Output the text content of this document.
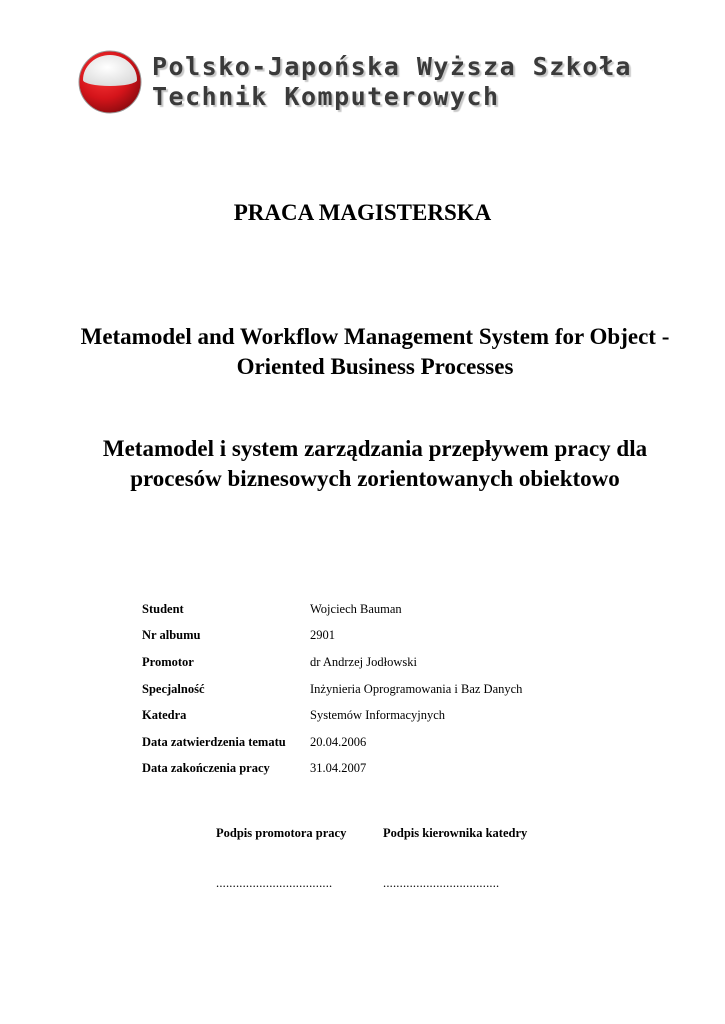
Polsko-Japońska Wyższa Szkoła
Technik Komputerowych
PRACA MAGISTERSKA
Metamodel and Workflow Management System for Object - Oriented Business Processes
Metamodel i system zarządzania przepływem pracy dla procesów biznesowych zorientowanych obiektowo
Student	Wojciech Bauman
Nr albumu	2901
Promotor	dr Andrzej Jodłowski
Specjalność	Inżynieria Oprogramowania i Baz Danych
Katedra	Systemów Informacyjnych
Data zatwierdzenia tematu	20.04.2006
Data zakończenia pracy	31.04.2007
Podpis promotora pracy	Podpis kierownika katedry
...................................	...................................
